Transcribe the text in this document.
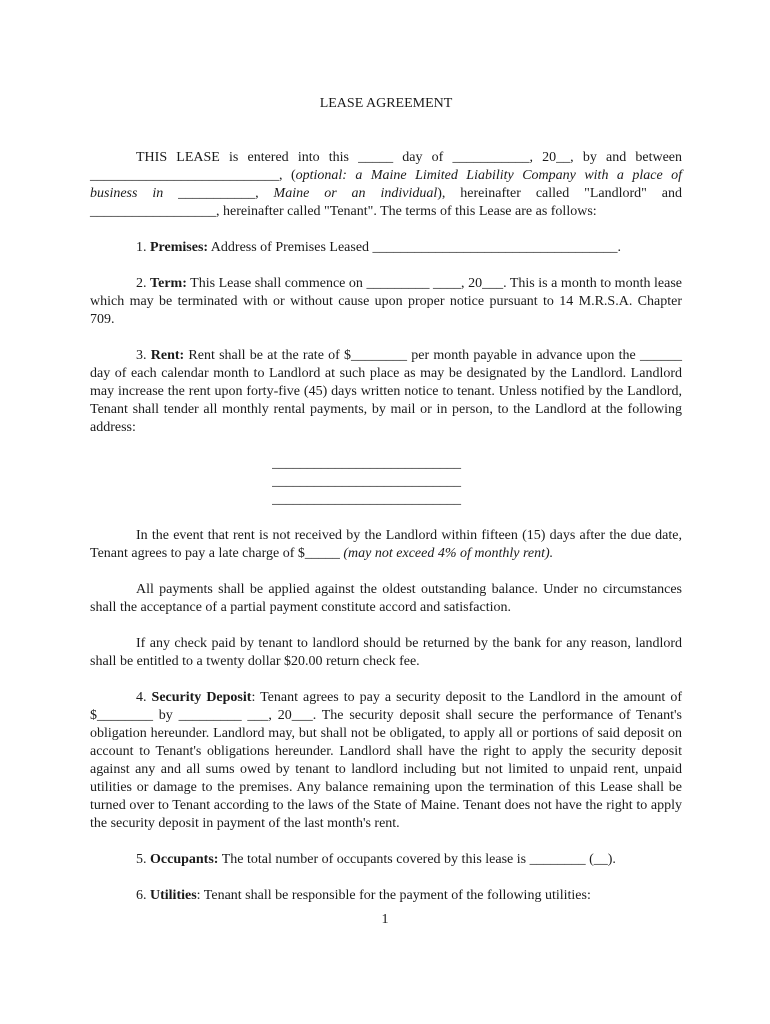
LEASE AGREEMENT

THIS LEASE is entered into this _____ day of ___________, 20__, by and between ___________________________, (optional: a Maine Limited Liability Company with a place of business in ___________, Maine or an individual), hereinafter called "Landlord" and __________________, hereinafter called "Tenant". The terms of this Lease are as follows:

1. Premises: Address of Premises Leased ___________________________________.

2. Term: This Lease shall commence on _________ ____, 20___. This is a month to month lease which may be terminated with or without cause upon proper notice pursuant to 14 M.R.S.A. Chapter 709.

3. Rent: Rent shall be at the rate of $________ per month payable in advance upon the ______ day of each calendar month to Landlord at such place as may be designated by the Landlord. Landlord may increase the rent upon forty-five (45) days written notice to tenant. Unless notified by the Landlord, Tenant shall tender all monthly rental payments, by mail or in person, to the Landlord at the following address:

___________________________
___________________________
___________________________

In the event that rent is not received by the Landlord within fifteen (15) days after the due date, Tenant agrees to pay a late charge of $_____ (may not exceed 4% of monthly rent).

All payments shall be applied against the oldest outstanding balance. Under no circumstances shall the acceptance of a partial payment constitute accord and satisfaction.

If any check paid by tenant to landlord should be returned by the bank for any reason, landlord shall be entitled to a twenty dollar $20.00 return check fee.

4. Security Deposit: Tenant agrees to pay a security deposit to the Landlord in the amount of $________ by _________ ___, 20___. The security deposit shall secure the performance of Tenant's obligation hereunder. Landlord may, but shall not be obligated, to apply all or portions of said deposit on account to Tenant's obligations hereunder. Landlord shall have the right to apply the security deposit against any and all sums owed by tenant to landlord including but not limited to unpaid rent, unpaid utilities or damage to the premises. Any balance remaining upon the termination of this Lease shall be turned over to Tenant according to the laws of the State of Maine. Tenant does not have the right to apply the security deposit in payment of the last month's rent.

5. Occupants: The total number of occupants covered by this lease is ________ (__).

6. Utilities: Tenant shall be responsible for the payment of the following utilities:

1
